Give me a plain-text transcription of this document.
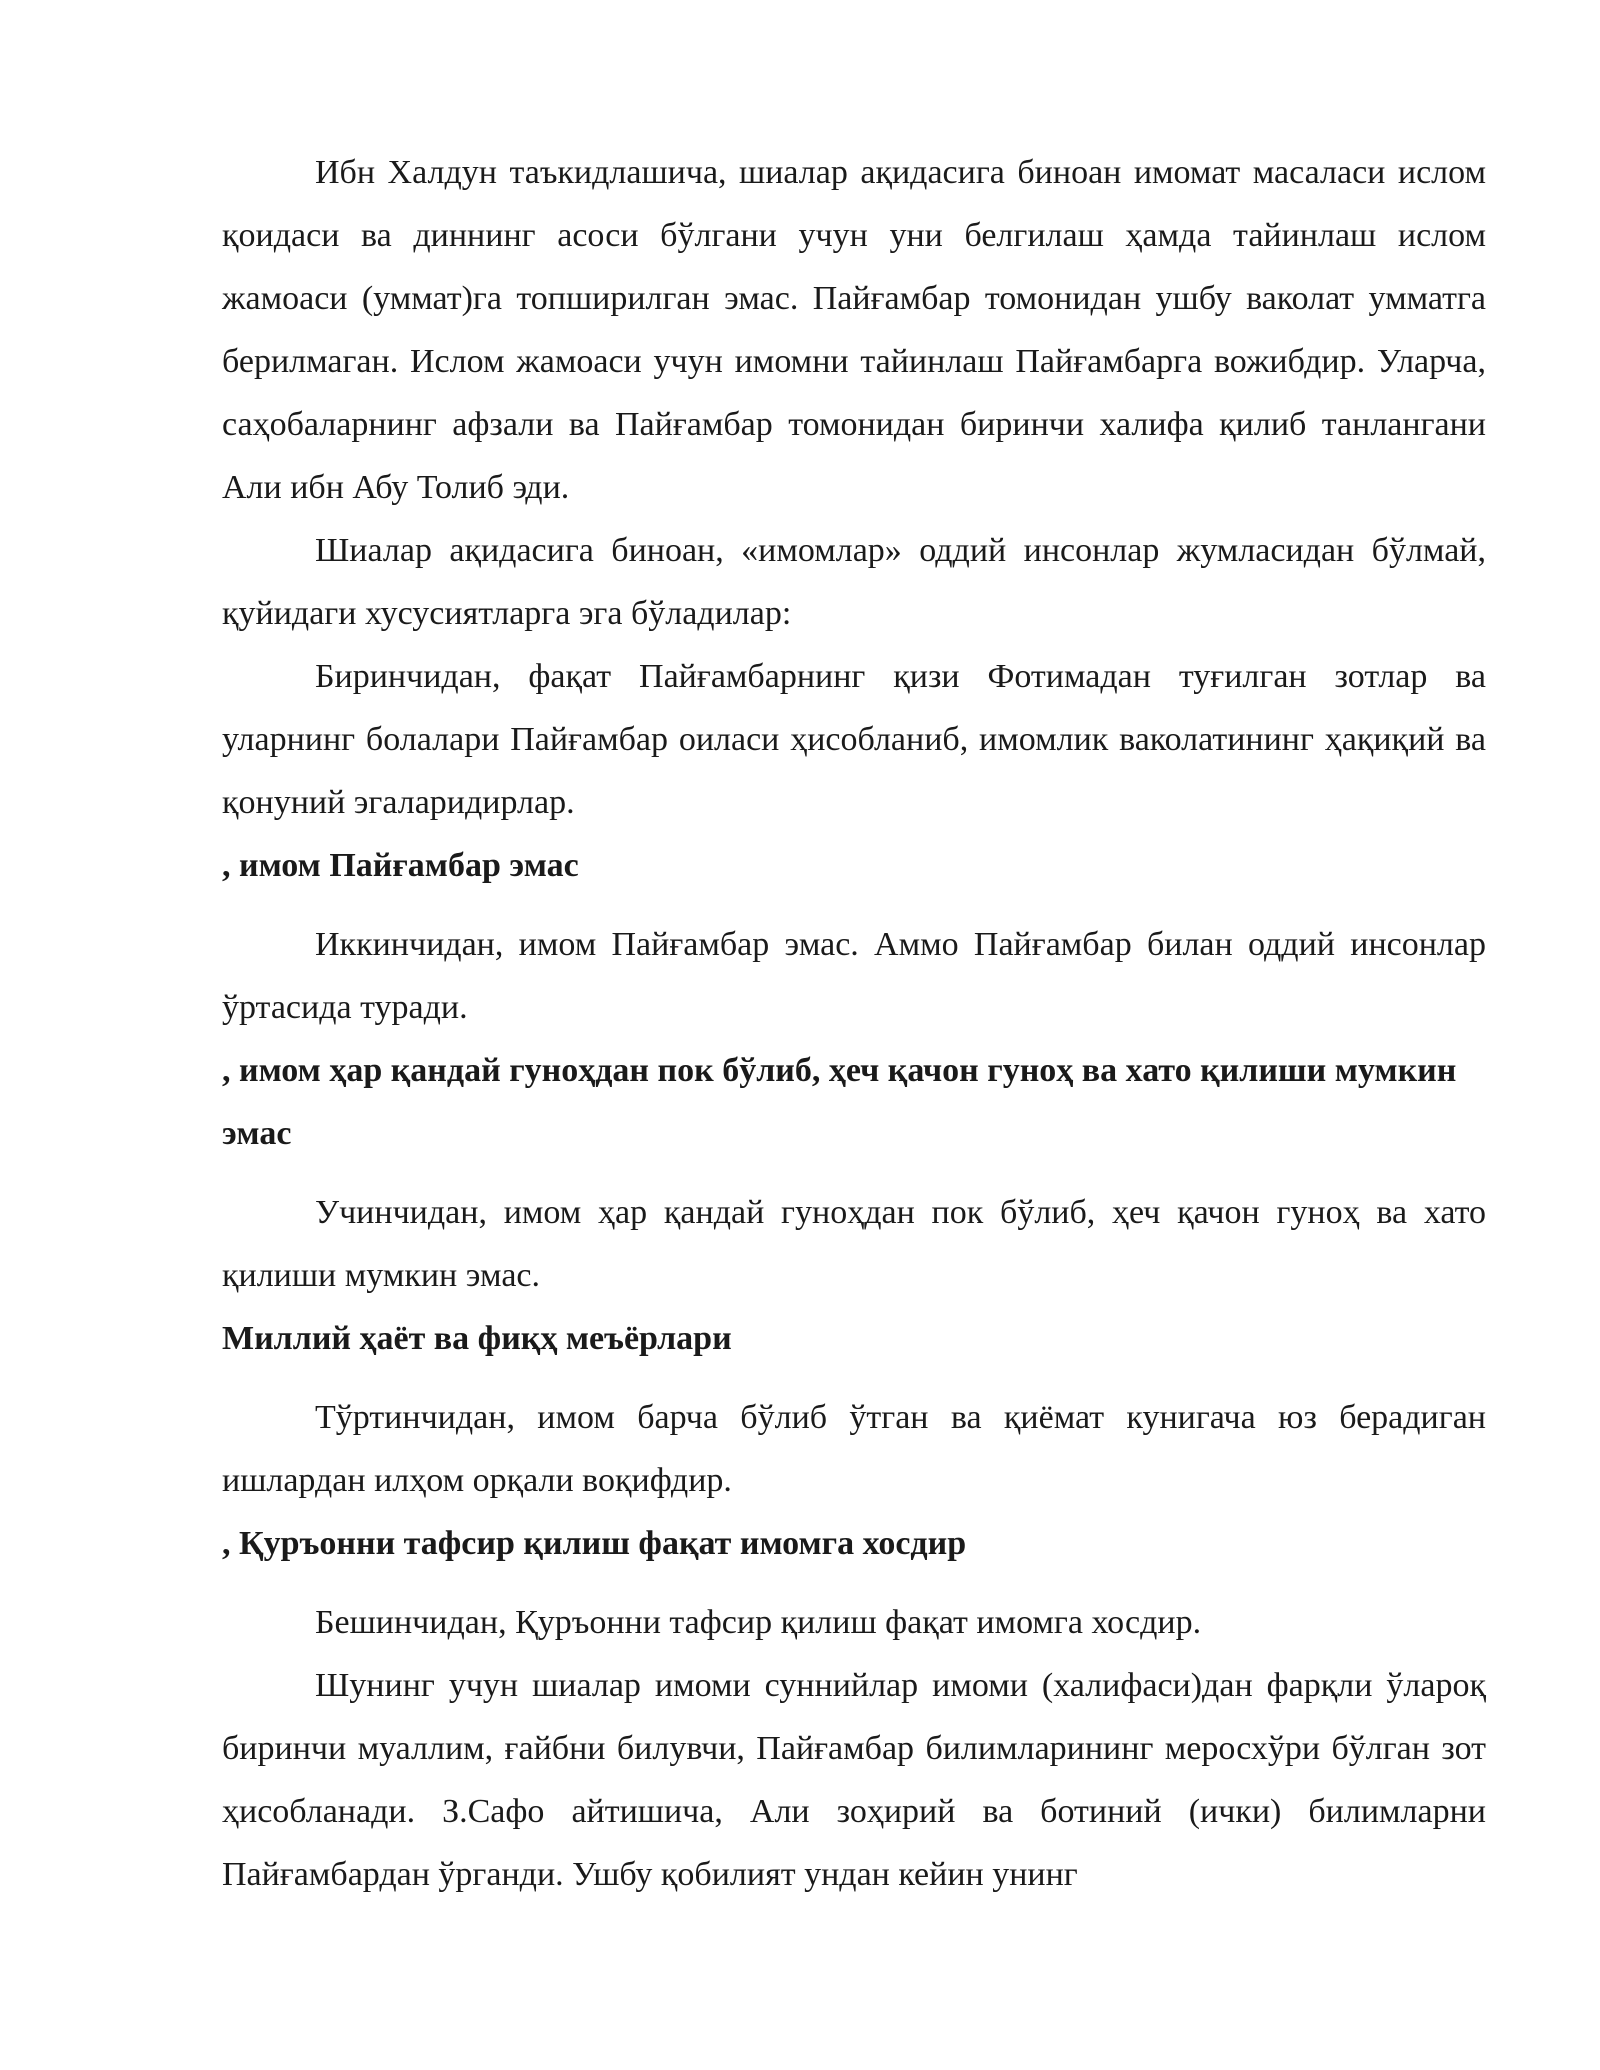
Ибн Халдун таъкидлашича, шиалар ақидасига биноан имомат масаласи ислом қоидаси ва диннинг асоси бўлгани учун уни белгилаш ҳамда тайинлаш ислом жамоаси (уммат)га топширилган эмас. Пайғамбар томонидан ушбу ваколат умматга берилмаган. Ислом жамоаси учун имомни тайинлаш Пайғамбарга вожибдир. Уларча, саҳобаларнинг афзали ва Пайғамбар томонидан биринчи халифа қилиб танлангани Али ибн Абу Толиб эди.

Шиалар ақидасига биноан, «имомлар» оддий инсонлар жумласидан бўлмай, қуйидаги хусусиятларга эга бўладилар:

Биринчидан, фақат Пайғамбарнинг қизи Фотимадан туғилган зотлар ва уларнинг болалари Пайғамбар оиласи ҳисобланиб, имомлик ваколатининг ҳақиқий ва қонуний эгаларидирлар.

, имом Пайғамбар эмас

Иккинчидан, имом Пайғамбар эмас. Аммо Пайғамбар билан оддий инсонлар ўртасида туради.

, имом ҳар қандай гуноҳдан пок бўлиб, ҳеч қачон гуноҳ ва хато қилиши мумкин эмас

Учинчидан, имом ҳар қандай гуноҳдан пок бўлиб, ҳеч қачон гуноҳ ва хато қилиши мумкин эмас.

Миллий ҳаёт ва фиқҳ меъёрлари

Тўртинчидан, имом барча бўлиб ўтган ва қиёмат кунигача юз берадиган ишлардан илҳом орқали воқифдир.

, Қуръонни тафсир қилиш фақат имомга хосдир

Бешинчидан, Қуръонни тафсир қилиш фақат имомга хосдир.

Шунинг учун шиалар имоми суннийлар имоми (халифаси)дан фарқли ўлароқ биринчи муаллим, ғайбни билувчи, Пайғамбар билимларининг меросхўри бўлган зот ҳисобланади. З.Сафо айтишича, Али зоҳирий ва ботиний (ички) билимларни Пайғамбардан ўрганди. Ушбу қобилият ундан кейин унинг
